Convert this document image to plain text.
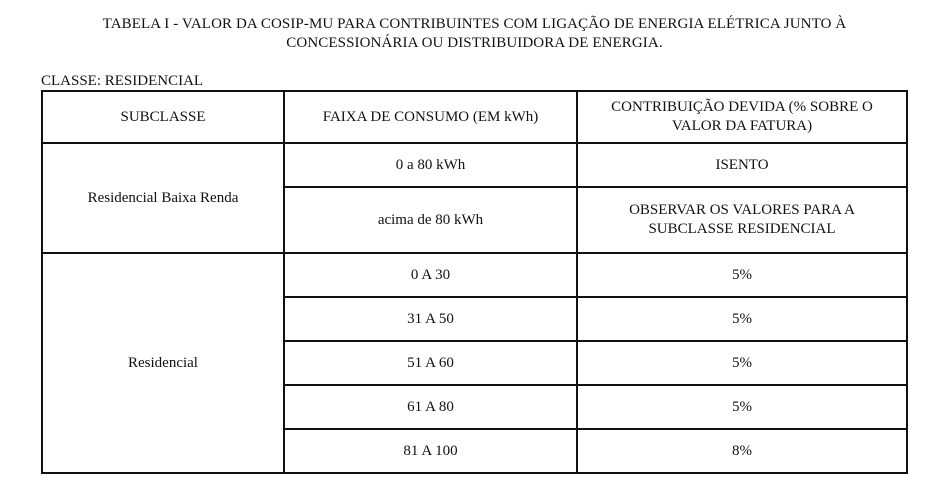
TABELA I - VALOR DA COSIP-MU PARA CONTRIBUINTES COM LIGAÇÃO DE ENERGIA ELÉTRICA JUNTO À
CONCESSIONÁRIA OU DISTRIBUIDORA DE ENERGIA.
CLASSE: RESIDENCIAL
SUBCLASSE	FAIXA DE CONSUMO (EM kWh)	CONTRIBUIÇÃO DEVIDA (% SOBRE O VALOR DA FATURA)
Residencial Baixa Renda	0 a 80 kWh	ISENTO
	acima de 80 kWh	OBSERVAR OS VALORES PARA A SUBCLASSE RESIDENCIAL
Residencial	0 A 30	5%
	31 A 50	5%
	51 A 60	5%
	61 A 80	5%
	81 A 100	8%
